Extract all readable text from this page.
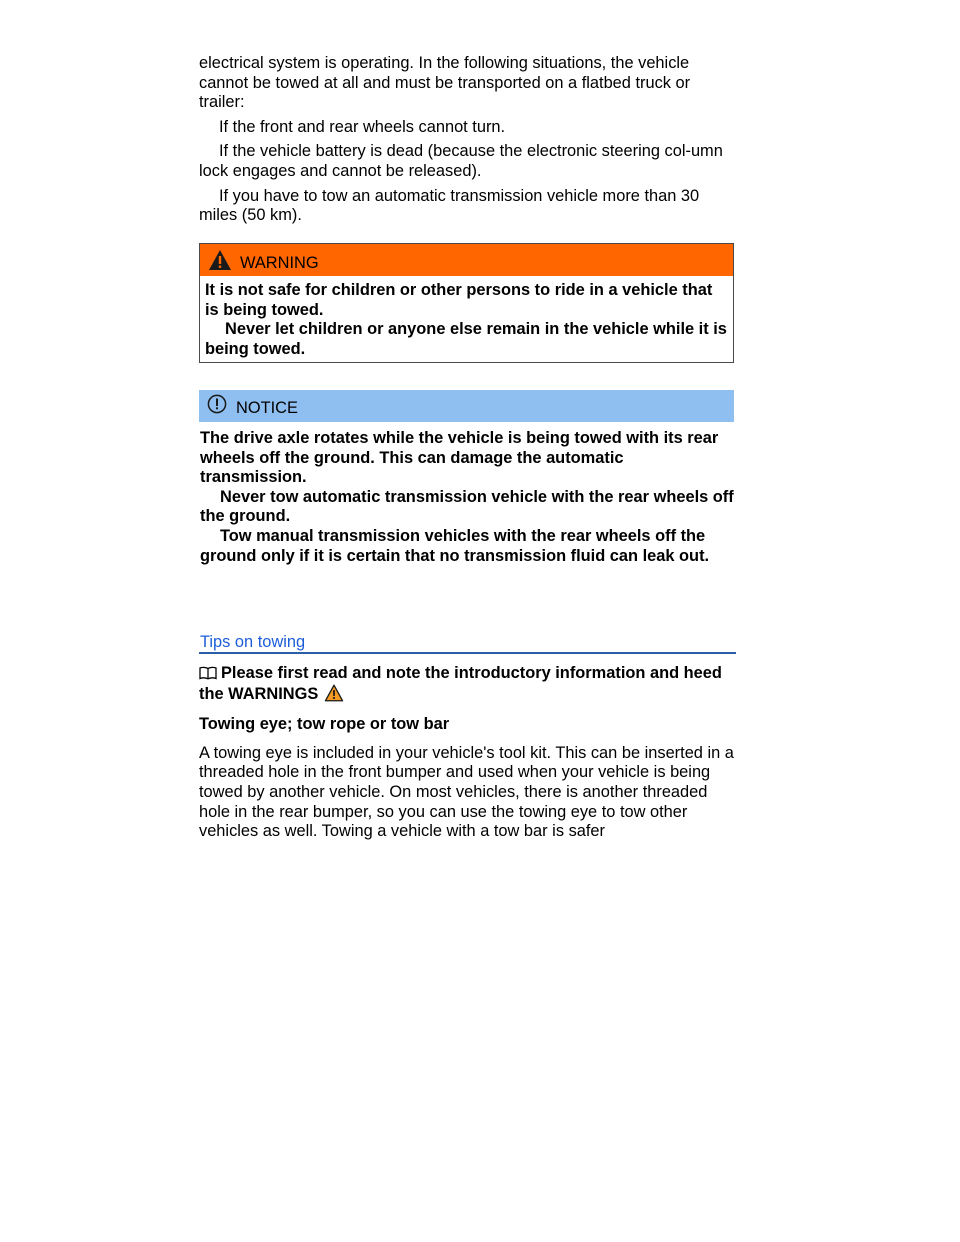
electrical system is operating. In the following situations, the vehicle cannot be towed at all and must be transported on a flatbed truck or trailer:

If the front and rear wheels cannot turn.

If the vehicle battery is dead (because the electronic steering col-umn lock engages and cannot be released).

If you have to tow an automatic transmission vehicle more than 30 miles (50 km).

WARNING

It is not safe for children or other persons to ride in a vehicle that is being towed.

Never let children or anyone else remain in the vehicle while it is being towed.

NOTICE

The drive axle rotates while the vehicle is being towed with its rear wheels off the ground. This can damage the automatic transmission.

Never tow automatic transmission vehicle with the rear wheels off the ground.

Tow manual transmission vehicles with the rear wheels off the ground only if it is certain that no transmission fluid can leak out.

Tips on towing

Please first read and note the introductory information and heed the WARNINGS

Towing eye; tow rope or tow bar

A towing eye is included in your vehicle's tool kit. This can be inserted in a threaded hole in the front bumper and used when your vehicle is being towed by another vehicle. On most vehicles, there is another threaded hole in the rear bumper, so you can use the towing eye to tow other vehicles as well. Towing a vehicle with a tow bar is safer
